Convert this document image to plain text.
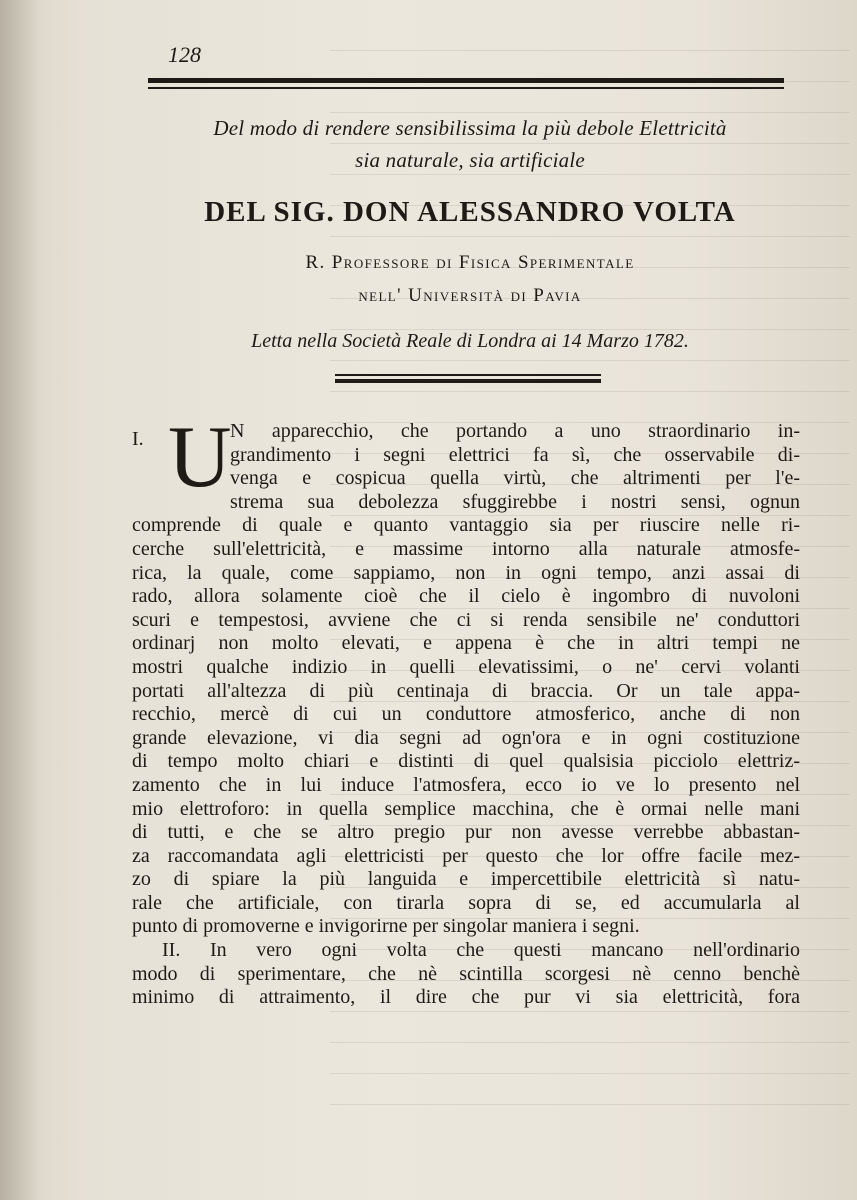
128
Del modo di rendere sensibilissima la più debole Elettricità
sia naturale, sia artificiale
DEL SIG. DON ALESSANDRO VOLTA
R. Professore di Fisica Sperimentale
nell' Università di Pavia
Letta nella Società Reale di Londra ai 14 Marzo 1782.
I. U
N apparecchio, che portando a uno straordinario in-
grandimento i segni elettrici fa sì, che osservabile di-
venga e cospicua quella virtù, che altrimenti per l'e-
strema sua debolezza sfuggirebbe i nostri sensi, ognun
comprende di quale e quanto vantaggio sia per riuscire nelle ri-
cerche sull'elettricità, e massime intorno alla naturale atmosfe-
rica, la quale, come sappiamo, non in ogni tempo, anzi assai di
rado, allora solamente cioè che il cielo è ingombro di nuvoloni
scuri e tempestosi, avviene che ci si renda sensibile ne' conduttori
ordinarj non molto elevati, e appena è che in altri tempi ne
mostri qualche indizio in quelli elevatissimi, o ne' cervi volanti
portati all'altezza di più centinaja di braccia. Or un tale appa-
recchio, mercè di cui un conduttore atmosferico, anche di non
grande elevazione, vi dia segni ad ogn'ora e in ogni costituzione
di tempo molto chiari e distinti di quel qualsisia picciolo elettriz-
zamento che in lui induce l'atmosfera, ecco io ve lo presento nel
mio elettroforo: in quella semplice macchina, che è ormai nelle mani
di tutti, e che se altro pregio pur non avesse verrebbe abbastan-
za raccomandata agli elettricisti per questo che lor offre facile mez-
zo di spiare la più languida e impercettibile elettricità sì natu-
rale che artificiale, con tirarla sopra di se, ed accumularla al
punto di promoverne e invigorirne per singolar maniera i segni.
II. In vero ogni volta che questi mancano nell'ordinario
modo di sperimentare, che nè scintilla scorgesi nè cenno benchè
minimo di attraimento, il dire che pur vi sia elettricità, fora
